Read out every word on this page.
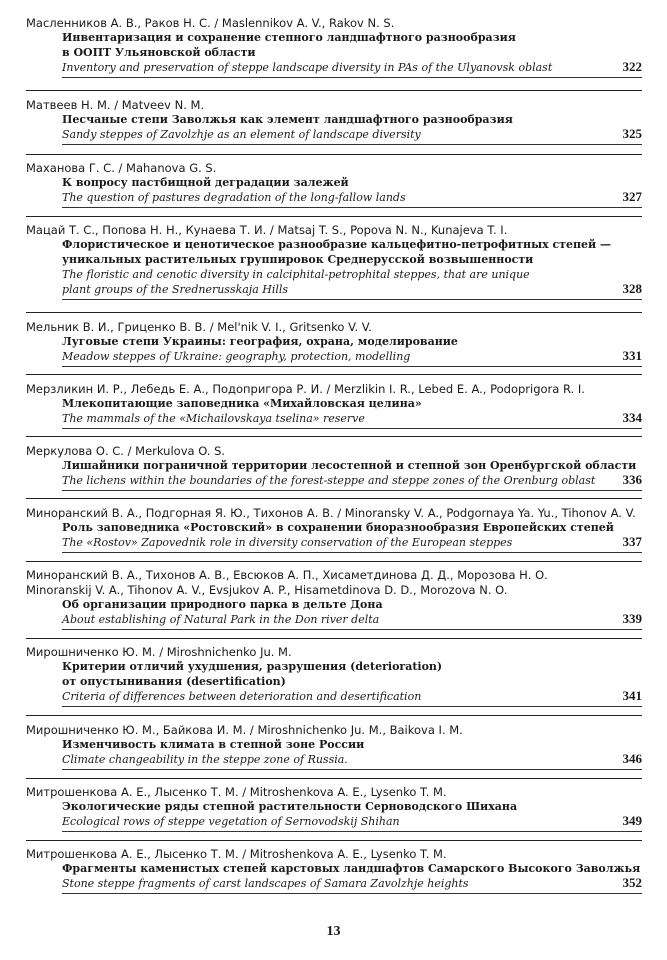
Масленников А. В., Раков Н. С. / Maslennikov A. V., Rakov N. S.
Инвентаризация и сохранение степного ландшафтного разнообразия
в ООПТ Ульяновской области
Inventory and preservation of steppe landscape diversity in PAs of the Ulyanovsk oblast	322
Матвеев Н. М. / Matveev N. M.
Песчаные степи Заволжья как элемент ландшафтного разнообразия
Sandy steppes of Zavolzhje as an element of landscape diversity	325
Маханова Г. С. / Mahanova G. S.
К вопросу пастбищной деградации залежей
The question of pastures degradation of the long-fallow lands	327
Мацай Т. С., Попова Н. Н., Кунаева Т. И. / Matsaj T. S., Popova N. N., Kunajeva T. I.
Флористическое и ценотическое разнообразие кальцефитно-петрофитных степей —
уникальных растительных группировок Среднерусской возвышенности
The floristic and cenotic diversity in calciphital-petrophital steppes, that are unique
plant groups of the Srednerusskaja Hills	328
Мельник В. И., Гриценко В. В. / Mel'nik V. I., Gritsenko V. V.
Луговые степи Украины: география, охрана, моделирование
Meadow steppes of Ukraine: geography, protection, modelling	331
Мерзликин И. Р., Лебедь Е. А., Подопригора Р. И. / Merzlikin I. R., Lebed E. A., Podoprigora R. I.
Млекопитающие заповедника «Михайловская целина»
The mammals of the «Michailovskaya tselina» reserve	334
Меркулова О. С. / Merkulova O. S.
Лишайники пограничной территории лесостепной и степной зон Оренбургской области
The lichens within the boundaries of the forest-steppe and steppe zones of the Orenburg oblast 336
Минoранский В. А., Подгорная Я. Ю., Тихонов А. В. / Minoransky V. A., Podgornaya Ya. Yu., Tihonov A. V.
Роль заповедника «Ростовский» в сохранении биоразнообразия Европейских степей
The «Rostov» Zapovednik role in diversity conservation of the European steppes	337
Минoранский В. А., Тихонов А. В., Евсюков А. П., Хисаметдинова Д. Д., Морозова Н. О.
Minoranskij V. A., Tihonov A. V., Evsjukov A. P., Hisametdinova D. D., Morozova N. O.
Об организации природного парка в дельте Дона
About establishing of Natural Park in the Don river delta	339
Мирошниченко Ю. М. / Miroshnichenko Ju. M.
Критерии отличий ухудшения, разрушения (deterioration)
от опустынивания (desertification)
Criteria of differences between deterioration and desertification	341
Мирошниченко Ю. М., Байкова И. М. / Miroshnichenko Ju. M., Baikova I. M.
Изменчивость климата в степной зоне России
Climate changeability in the steppe zone of Russia.	346
Митрошенкова А. Е., Лысенко Т. М. / Mitroshenkova A. E., Lysenko T. M.
Экологические ряды степной растительности Серноводского Шихана
Ecological rows of steppe vegetation of Sernovodskij Shihan	349
Митрошенкова А. Е., Лысенко Т. М. / Mitroshenkova A. E., Lysenko T. M.
Фрагменты каменистых степей карстовых ландшафтов Самарского Высокого Заволжья
Stone steppe fragments of carst landscapes of Samara Zavolzhje heights	352
13
